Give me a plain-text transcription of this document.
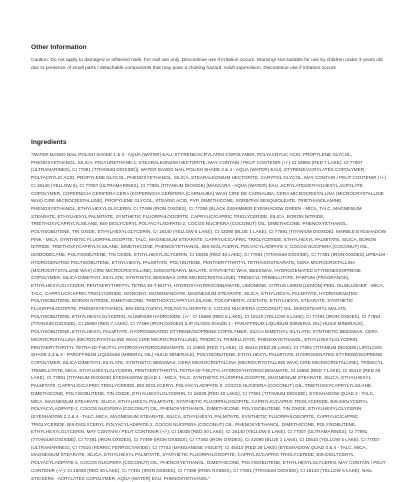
Other Information

Caution: Do not apply to damaged or inflamed nails. For nail use only. Discontinue use if irritation occurs. Warning! Not suitable for use by children under 3 years old due to presence of small parts / detachable components that may pose a choking hazard. Adult supervision. Discontinue use if irritation occurs

Ingredients

"WATER BASED NAIL POLISH SHADE 1 & 3 - AQUA (WATER) EAU, STYRENE/ACRYLATES COPOLYMER, POLYACRYLIC ACID, PROPYLENE GLYCOL, PHENOXYETHANOL, SILICA, POLYURETHANE-1, STEARALKONIUM HECTORITE, MAY CONTAIN / PEUT CONTENIR (+/-) CI 15850 (RED 7 LAKE), CI 77007 (ULTRAMARINES), CI 77891 (TITANIUM DIOXIDE)]. WATER BASED NAIL POLISH SHADE 2 & 4 - AQUA (WATER) EAU), STYRENE/ACRYLATES COPOLYMER, POLYACRYLIC ACID, PROPYLENE GLYCOL, PHENOXYETHANOL, SILICA, STEARALKONIUM HECTORITE, CARYFOL GLYCOL, MAY CONTAIN / PEUT CONTENIR (+/-) CI 19140 (YELLOW 5), CI 77007 (ULTRAMARINES), CI 77891 (TITANIUM DIOXIDE) [MASCARA - AQUA (WATER) EAU, ACRYLATES/ETHYLHEXYL ACRYLATE COPOLYMER, COPERNICIA CERIFERA CERA (COPERNICIA CERIFERA (CARNAUBA) WAX) CIRE DE CARNAUBA, CERA MICROCRISTALLINA (MICROCRYSTALLINE WAX) CIRE MICROCRISTALLINE), PROPYLENE GLYCOL, STEARIC ACID, PVP, DIMETHICONE, SORBITAN SESQUIOLEATE, TRIETHANOLAMINE, PHENOXYETHANOL, ETHYLHEXYLGLYCERIN, CI 77499 (IRON OXIDES), CI 77266 (BLACK 2)SHIMMER EYESHADOW GREEN - MICA, TALC, MAGNESIUM STEARATE, ETHYLHEXYL PALMITATE, SYNTHETIC FLUORPHLOGOPITE, CAPRYLIC/CAPRIC TRIGLYCERIDE, SILICA, BORON NITRIDE, TRIETHOXYCAPRYLYLSILANE, BIS-DIGLYCERYL POLYACYLADIPATE-2, COCOS NUCIFERA (COCONUT) OIL, DIMETHICONE, PHENOXYETHANOL, POLYISOBUTENE, TIN OXIDE, ETHYLHEXYLGLYCERIN, CI 19140 (YELLOW 5 LAKE), CI 42090 (BLUE 1 LAKE), CI 77891 (TITANIUM DIOXIDE). MARBLE EYESHADOW PINK - MICA, SYNTHETIC FLUORPHLOGOPITE, TALC, MAGNESIUM STEARATE, CAPRYLIC/CAPRIC TRIGLYCERIDE, ETHYLHEXYL PALMITATE, SILICA, BORON NITRIDE, TRIETHOXYCAPRYLYLSILANE, DIMETHICONE, PHENOXYETHANOL, BIS-DIGLYCERYL POLYACYLADIPATE-2, COCOS NUCIFERA (COCONUT) OIL, ISODODECANE, POLYISOBUTENE, TIN OXIDE, ETHYLHEXYLGLYCERIN, CI 16035 (RED 40 LAKE), CI 77891 (TITANIUM DIOXIDE), CI 77491 (IRON OXIDES) LIPBALM - HYDROGENATED POLYISOBUTENE, ETHYLHEXYL PALMITATE, POLYBUTENE, PENTAERYTHRITYL TETRAISOSTEARATE, CERA MICROCRISTALLINA (MICROCRYSTALLINE WAX) CIRE MICROCRISTALLINE), DIISOSTEARYL MALATE, SYNTHETIC WAX, BEESWAX, HYDROGENATED STYRENE/ISOPRENE COPOLYMER, SILICA DIMETHYL SILYLATE, SYNTHETIC BEESWAX CIRE MICROCRISTALLINE), TRIDECYL TRIMELLITATE, PARFUM (FRAGRANCE), ETHYLHEXYLGLYCERIN, PENTAERYTHRITYL TETRA-DI-T-BUTYL HYDROXYHYDROCINNAMATE, LIMONENE, CITRUS LIMON (LEMON) PEEL OIL/BLUSHER - MICA, TALC, CAPRYLIC/CAPRIC TRIGLYCERIDE, ISONONYL ISONONANOATE, MAGNESIUM STEARATE, SILICA, ETHYLHEXYL PALMITATE, HYDROGENATED POLYISOBUTENE, BORON NITRIDE, DIMETHICONE, TRIETHOXYCAPRYLYLSILANE, TOCOPHERYL ACETATE, ETHYLHEXYL STEARATE, SYNTHETIC FLUORPHLOGOPITE, PHENOXYETHANOL, BIS-DIGLYCERYL POLYACYLADIPATE-2, COCOS NUCIFERA (COCONUT) OIL, DIISOSTEARYL MALATE, POLYISOBUTENE, ETHYLHEXYLGLYCERIN, ALUMINUM HYDROXIDE, (+/-: CI 15850 (RED 6 LAKE), CI 19140 (YELLOW 5 LAKE), CI 77491 (IRON OXIDES), CI 77891 (TITANIUM DIOXIDE), CI 15850 (RED 7 LAKE), CI 77499 (IRON OXIDES) (LIP GLOSS SHADE 1 - PARAFFINUM LIQUIDUM (MINERAL OIL) HUILE MINERALE), POLYISOBUTENE, ETHYLHEXYL PALMITATE, HYDROGENATED STYRENE/ISOPRENE COPOLYMER, SILICA DIMETHYL SILYLATE, SYNTHETIC BEESWAX, CERA MICROCRISTALLINA (MICROCRYSTALLINE WAX) CIRE MICROCRISTALLINE), TRIDECYL TRIMELLITATE, PHENOXYETHANOL, ETHYLHEXYLGLYCERIN, PENTAERYTHRITYL TETRA-DI-T-BUTYL HYDROXYHYDROCINNAMATE, CI 15850 (RED 7 LAKE), CI 45410 (RED 28 LAKE), CI 77891 (TITANIUM DIOXIDE) LIPGLOSS SHADE 2,3 & 4 - PARAFFINUM LIQUIDUM (MINERAL OIL) HUILE MINERALE), POLYISOBUTENE, ETHYLHEXYL PALMITATE, HYDROGENATED STYRENE/ISOPRENE COPOLYMER, SILICA DIMETHYL SILYLATE, SYNTHETIC BEESWAX, CERA MICROCRISTALLINA (MICROCRYSTALLINE WAX) CIRE MICROCRISTALLINE), TRIDECYL TRIMELLITATE, MICA, ETHYLHEXYLGLYCERIN, PENTAERYTHRITYL TETRA-DI-T-BUTYL HYDROXYHYDROCINNAMATE, CI 15850 (RED 7 LAKE), CI 45410 (RED 28 LAKE), CI 77891 (TITANIUM DIOXIDE) EYESHADOW QUAD 1 - MICA, TALC, SYNTHETIC FLUORPHLOGOPITE, MAGNESIUM STEARATE, SILICA, ETHYLHEXYL PALMITATE, CAPRYLIC/CAPRIC TRIGLYCERIDE, BIS-DIGLYCERYL POLYACYLADIPATE-2, COCOS NUCIFERA (COCONUT) OIL, TRIETHOXYCAPRYLYLSILANE, DIMETHICONE, POLYISOBUTENE, TIN OXIDE, ETHYLHEXYLGLYCERIN, CI 16035 (RED 40 LAKE), CI 77891 (TITANIUM DIOXIDE). EYESHADOW QUAD 2 - TALC, MICA, MAGNESIUM STEARATE, SILICA, ETHYLHEXYL PALMITATE, SYNTHETIC FLUORPHLOGOPITE, CAPRYLIC/CAPRIC TRIGLYCERIDE, BIS-DIGLYCERYL POLYACYLADIPATE-2, COCOS NUCIFERA (COCONUT) OIL, PHENOXYETHANOL, DIMETHICONE, POLYISOBUTENE, TIN OXIDE, ETHYLHEXYLGLYCERIN (EYESHADOW 2,3 & 4 - TALC, MICA, MAGNESIUM STEARATE, SILICA, ETHYLHEXYL PALMITATE, SYNTHETIC FLUORPHLOGOPITE, CAPRYLIC/CAPRIC TRIGLYCERIDE, BIS-DIGLYCERYL POLYACYLADIPATE-2, COCOS NUCIFERA (COCONUT) OIL, PHENOXYETHANOL, DIMETHICONE, POLYISOBUTENE, ETHYLHEXYLGLYCERIN, MAY CONTAIN / PEUT CONTENIR (+/-): CI 16035 (RED 40 LAKE), CI 19140 (YELLOW 5 LAKE), CI 77007 (ULTRAMARINES), CI 77891 (TITANIUM DIOXIDE), CI 77491 (IRON OXIDES), CI 77499 (IRON OXIDES), CI 77492 (IRON OXIDES), CI 42090 (BLUE 1 LAKE), CI 15510 (YELLOW 5 LAKE), CI 77007 (ULTRAMARINES), CI 77510 (FERRIC FERROCYANIDE), CI 77742 (MANGANESE VIOLET), CI 45410 (RED 28 LAKE) (EYESHADOW QUAD 3 & 4 - TALC, MICA, MAGNESIUM STEARATE, SILICA, ETHYLHEXYL PALMITATE, SYNTHETIC FLUORPHLOGOPITE, CAPRYLIC/CAPRIC TRIGLYCERIDE, BIS-DIGLYCERYL POLYACYLADIPATE-2, COCOS NUCIFERA (COCONUT) OIL, PHENOXYETHANOL, DIMETHICONE, POLYISOBUTENE, ETHYLHEXYLGLYCERIN, MAY CONTAIN / PEUT CONTENIR (+/-): CI 16035 (RED 40 LAKE), CI 77491 (IRON OXIDES), CI 77499 (IRON OXIDES), CI 77891 (TITANIUM DIOXIDE), CI 19140 (YELLOW 5 LAKE). NAIL STICKERS - ACRYLATES COPOLYMER, AQUA (WATER) EAU, PHENOXYETHANOL"
